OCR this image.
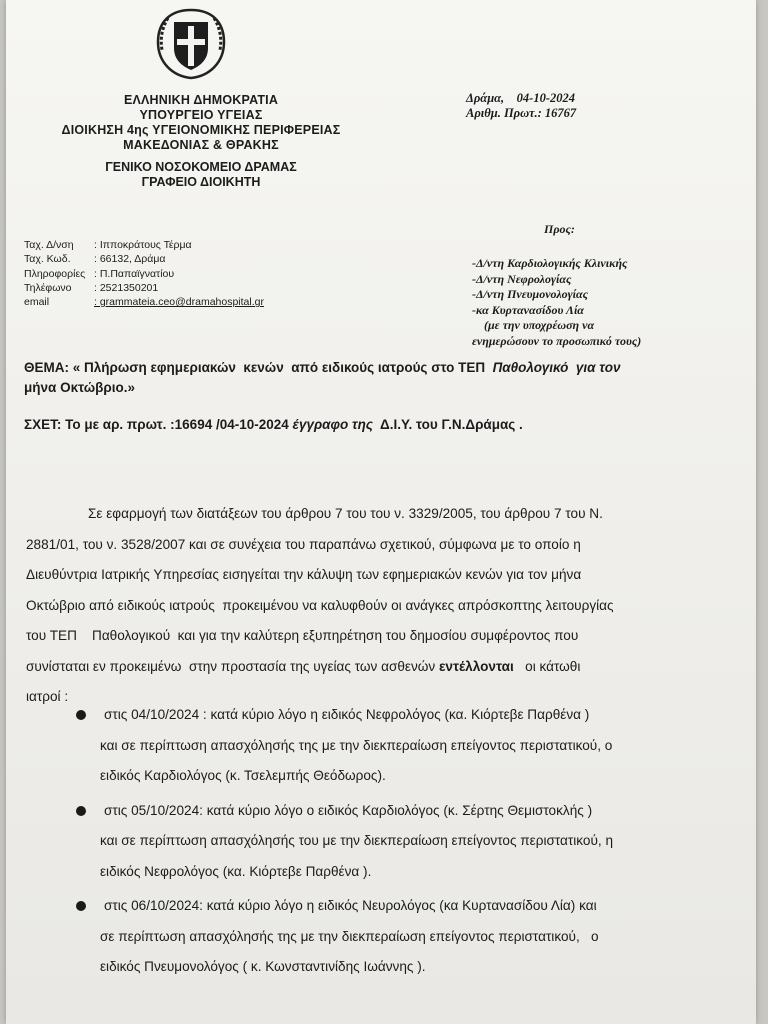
ΕΛΛΗΝΙΚΗ ΔΗΜΟΚΡΑΤΙΑ
ΥΠΟΥΡΓΕΙΟ ΥΓΕΙΑΣ
ΔΙΟΙΚΗΣΗ 4ης ΥΓΕΙΟΝΟΜΙΚΗΣ ΠΕΡΙΦΕΡΕΙΑΣ
ΜΑΚΕΔΟΝΙΑΣ & ΘΡΑΚΗΣ
ΓΕΝΙΚΟ ΝΟΣΟΚΟΜΕΙΟ ΔΡΑΜΑΣ
ΓΡΑΦΕΙΟ ΔΙΟΙΚΗΤΗ
Δράμα,    04-10-2024
Αριθμ. Πρωτ.: 16767
Ταχ. Δ/νση	: Ιπποκράτους Τέρμα
Ταχ. Κωδ.	: 66132, Δράμα
Πληροφορίες : Π.Παπαϊγνατίου
Τηλέφωνο	: 2521350201
email	: grammateia.ceo@dramahospital.gr
Προς:
-Δ/ντη Καρδιολογικής Κλινικής
-Δ/ντη Νεφρολογίας
-Δ/ντη Πνευμονολογίας
-κα Κυρτανασίδου Λία
(με την υποχρέωση να
ενημερώσουν το προσωπικό τους)
ΘΕΜΑ: « Πλήρωση εφημεριακών  κενών  από ειδικούς ιατρούς στο ΤΕΠ  Παθολογικό  για τον
μήνα Οκτώβριο.»
ΣΧΕΤ: Το με αρ. πρωτ. :16694 /04-10-2024 έγγραφο της  Δ.Ι.Υ. του Γ.Ν.Δράμας .
Σε εφαρμογή των διατάξεων του άρθρου 7 του του ν. 3329/2005, του άρθρου 7 του Ν.
2881/01, του ν. 3528/2007 και σε συνέχεια του παραπάνω σχετικού, σύμφωνα με το οποίο η
Διευθύντρια Ιατρικής Υπηρεσίας εισηγείται την κάλυψη των εφημεριακών κενών για τον μήνα
Οκτώβριο από ειδικούς ιατρούς  προκειμένου να καλυφθούν οι ανάγκες απρόσκοπτης λειτουργίας
του ΤΕΠ    Παθολογικού  και για την καλύτερη εξυπηρέτηση του δημοσίου συμφέροντος που
συνίσταται εν προκειμένω  στην προστασία της υγείας των ασθενών εντέλλονται   οι κάτωθι
ιατροί :
στις 04/10/2024 : κατά κύριο λόγο η ειδικός Νεφρολόγος (κα. Κιόρτεβε Παρθένα )
και σε περίπτωση απασχόλησής της με την διεκπεραίωση επείγοντος περιστατικού, ο
ειδικός Καρδιολόγος (κ. Τσελεμπής Θεόδωρος).
στις 05/10/2024: κατά κύριο λόγο ο ειδικός Καρδιολόγος (κ. Σέρτης Θεμιστοκλής )
και σε περίπτωση απασχόλησής του με την διεκπεραίωση επείγοντος περιστατικού, η
ειδικός Νεφρολόγος (κα. Κιόρτεβε Παρθένα ).
στις 06/10/2024: κατά κύριο λόγο η ειδικός Νευρολόγος (κα Κυρτανασίδου Λία) και
σε περίπτωση απασχόλησής της με την διεκπεραίωση επείγοντος περιστατικού,   ο
ειδικός Πνευμονολόγος ( κ. Κωνσταντινίδης Ιωάννης ).
